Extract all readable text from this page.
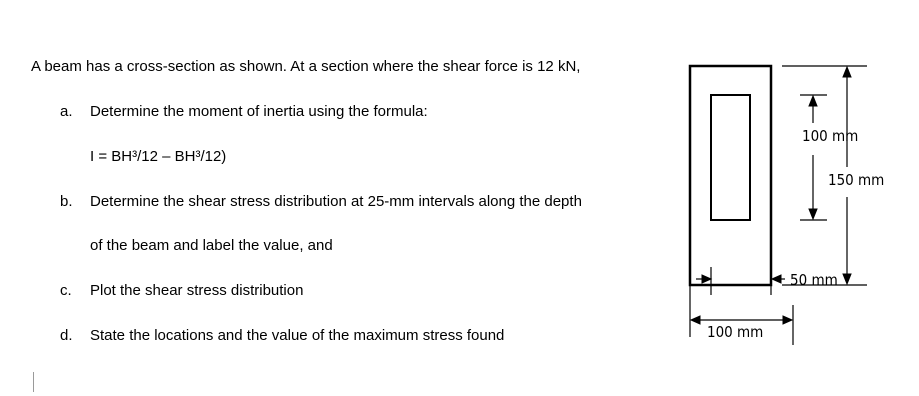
A beam has a cross-section as shown. At a section where the shear force is 12 kN,
a. Determine the moment of inertia using the formula:
I = BH³/12 – BH³/12)
b. Determine the shear stress distribution at 25-mm intervals along the depth
of the beam and label the value, and
c. Plot the shear stress distribution
d. State the locations and the value of the maximum stress found
100 mm
150 mm
50 mm
100 mm
